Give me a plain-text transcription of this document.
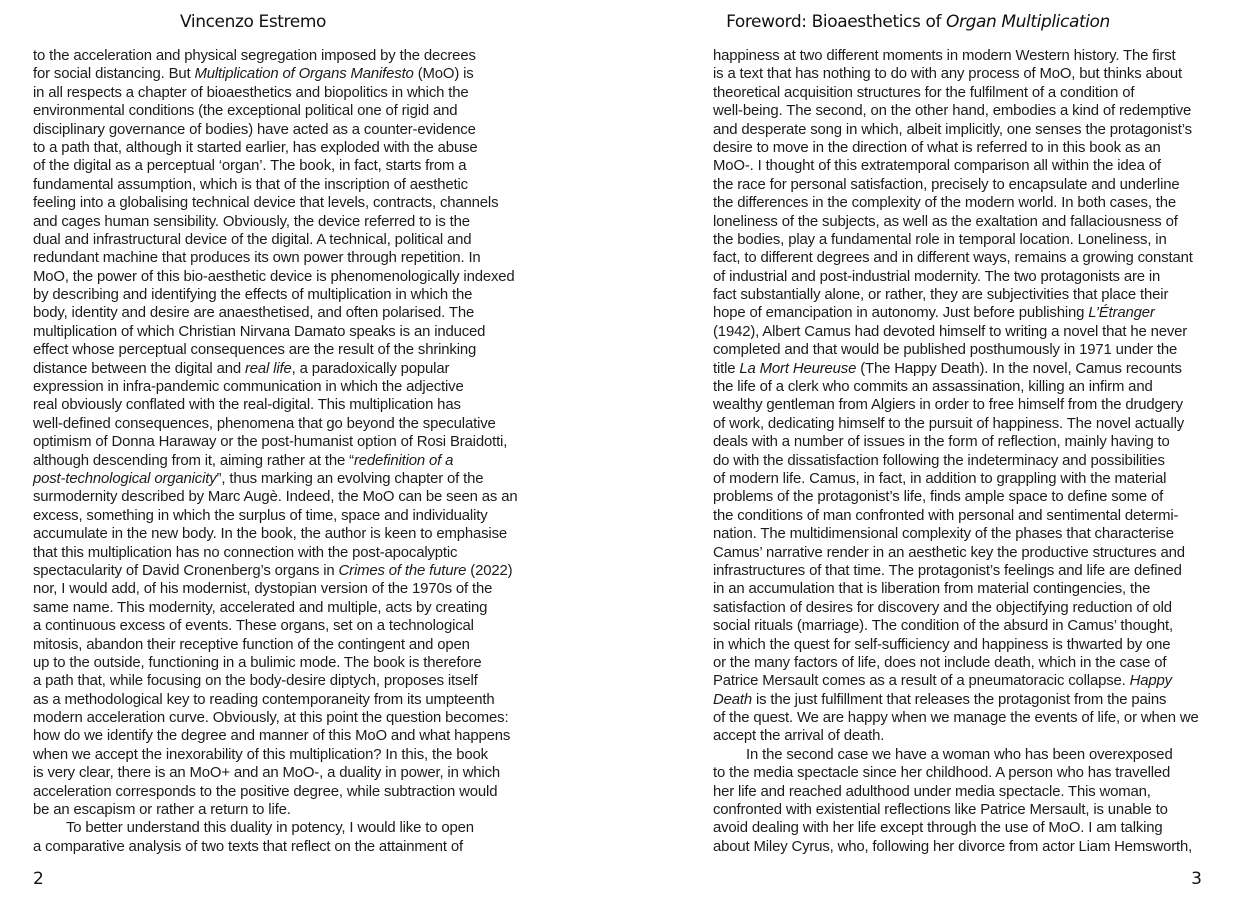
Vincenzo Estremo
to the acceleration and physical segregation imposed by the decrees
for social distancing. But Multiplication of Organs Manifesto (MoO) is
in all respects a chapter of bioaesthetics and biopolitics in which the
environmental conditions (the exceptional political one of rigid and
disciplinary governance of bodies) have acted as a counter-evidence
to a path that, although it started earlier, has exploded with the abuse
of the digital as a perceptual ‘organ’. The book, in fact, starts from a
fundamental assumption, which is that of the inscription of aesthetic
feeling into a globalising technical device that levels, contracts, channels
and cages human sensibility. Obviously, the device referred to is the
dual and infrastructural device of the digital. A technical, political and
redundant machine that produces its own power through repetition. In
MoO, the power of this bio-aesthetic device is phenomenologically indexed
by describing and identifying the effects of multiplication in which the
body, identity and desire are anaesthetised, and often polarised. The
multiplication of which Christian Nirvana Damato speaks is an induced
effect whose perceptual consequences are the result of the shrinking
distance between the digital and real life, a paradoxically popular
expression in infra-pandemic communication in which the adjective
real obviously conflated with the real-digital. This multiplication has
well-defined consequences, phenomena that go beyond the speculative
optimism of Donna Haraway or the post-humanist option of Rosi Braidotti,
although descending from it, aiming rather at the “redefinition of a
post-technological organicity”, thus marking an evolving chapter of the
surmodernity described by Marc Augè. Indeed, the MoO can be seen as an
excess, something in which the surplus of time, space and individuality
accumulate in the new body. In the book, the author is keen to emphasise
that this multiplication has no connection with the post-apocalyptic
spectacularity of David Cronenberg’s organs in Crimes of the future (2022)
nor, I would add, of his modernist, dystopian version of the 1970s of the
same name. This modernity, accelerated and multiple, acts by creating
a continuous excess of events. These organs, set on a technological
mitosis, abandon their receptive function of the contingent and open
up to the outside, functioning in a bulimic mode. The book is therefore
a path that, while focusing on the body-desire diptych, proposes itself
as a methodological key to reading contemporaneity from its umpteenth
modern acceleration curve. Obviously, at this point the question becomes:
how do we identify the degree and manner of this MoO and what happens
when we accept the inexorability of this multiplication? In this, the book
is very clear, there is an MoO+ and an MoO-, a duality in power, in which
acceleration corresponds to the positive degree, while subtraction would
be an escapism or rather a return to life.
To better understand this duality in potency, I would like to open
a comparative analysis of two texts that reflect on the attainment of
2
Foreword: Bioaesthetics of Organ Multiplication
happiness at two different moments in modern Western history. The first
is a text that has nothing to do with any process of MoO, but thinks about
theoretical acquisition structures for the fulfilment of a condition of
well-being. The second, on the other hand, embodies a kind of redemptive
and desperate song in which, albeit implicitly, one senses the protagonist’s
desire to move in the direction of what is referred to in this book as an
MoO-. I thought of this extratemporal comparison all within the idea of
the race for personal satisfaction, precisely to encapsulate and underline
the differences in the complexity of the modern world. In both cases, the
loneliness of the subjects, as well as the exaltation and fallaciousness of
the bodies, play a fundamental role in temporal location. Loneliness, in
fact, to different degrees and in different ways, remains a growing constant
of industrial and post-industrial modernity. The two protagonists are in
fact substantially alone, or rather, they are subjectivities that place their
hope of emancipation in autonomy. Just before publishing L’Étranger
(1942), Albert Camus had devoted himself to writing a novel that he never
completed and that would be published posthumously in 1971 under the
title La Mort Heureuse (The Happy Death). In the novel, Camus recounts
the life of a clerk who commits an assassination, killing an infirm and
wealthy gentleman from Algiers in order to free himself from the drudgery
of work, dedicating himself to the pursuit of happiness. The novel actually
deals with a number of issues in the form of reflection, mainly having to
do with the dissatisfaction following the indeterminacy and possibilities
of modern life. Camus, in fact, in addition to grappling with the material
problems of the protagonist’s life, finds ample space to define some of
the conditions of man confronted with personal and sentimental determi-
nation. The multidimensional complexity of the phases that characterise
Camus’ narrative render in an aesthetic key the productive structures and
infrastructures of that time. The protagonist’s feelings and life are defined
in an accumulation that is liberation from material contingencies, the
satisfaction of desires for discovery and the objectifying reduction of old
social rituals (marriage). The condition of the absurd in Camus’ thought,
in which the quest for self-sufficiency and happiness is thwarted by one
or the many factors of life, does not include death, which in the case of
Patrice Mersault comes as a result of a pneumatoracic collapse. Happy
Death is the just fulfillment that releases the protagonist from the pains
of the quest. We are happy when we manage the events of life, or when we
accept the arrival of death.
In the second case we have a woman who has been overexposed
to the media spectacle since her childhood. A person who has travelled
her life and reached adulthood under media spectacle. This woman,
confronted with existential reflections like Patrice Mersault, is unable to
avoid dealing with her life except through the use of MoO. I am talking
about Miley Cyrus, who, following her divorce from actor Liam Hemsworth,
3
